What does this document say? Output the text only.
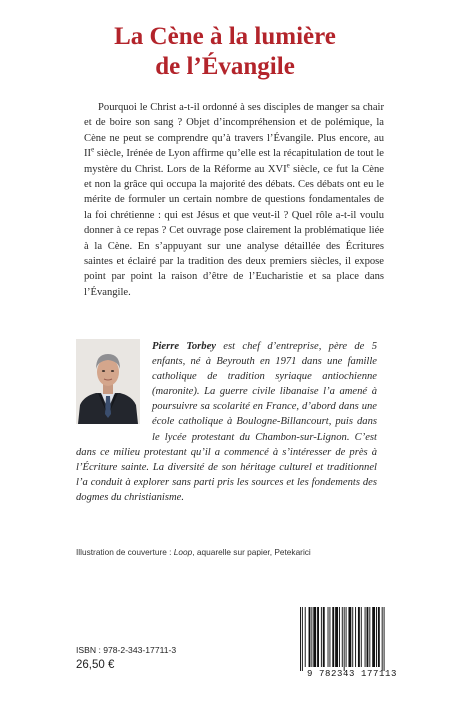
La Cène à la lumière
de l’Évangile

Pourquoi le Christ a-t-il ordonné à ses disciples de manger sa chair et de boire son sang ? Objet d’incompréhension et de polémique, la Cène ne peut se comprendre qu’à travers l’Évangile. Plus encore, au IIe siècle, Irénée de Lyon affirme qu’elle est la récapitulation de tout le mystère du Christ. Lors de la Réforme au XVIe siècle, ce fut la Cène et non la grâce qui occupa la majorité des débats. Ces débats ont eu le mérite de formuler un certain nombre de questions fondamentales de la foi chrétienne : qui est Jésus et que veut-il ? Quel rôle a-t-il voulu donner à ce repas ? Cet ouvrage pose clairement la problématique liée à la Cène. En s’appuyant sur une analyse détaillée des Écritures saintes et éclairé par la tradition des deux premiers siècles, il expose point par point la raison d’être de l’Eucharistie et sa place dans l’Évangile.

Pierre Torbey est chef d’entreprise, père de 5 enfants, né à Beyrouth en 1971 dans une famille catholique de tradition syriaque antiochienne (maronite). La guerre civile libanaise l’a amené à poursuivre sa scolarité en France, d’abord dans une école catholique à Boulogne-Billancourt, puis dans le lycée protestant du Chambon-sur-Lignon. C’est dans ce milieu protestant qu’il a commencé à s’intéresser de près à l’Écriture sainte. La diversité de son héritage culturel et traditionnel l’a conduit à explorer sans parti pris les sources et les fondements des dogmes du christianisme.

Illustration de couverture : Loop, aquarelle sur papier, Petekarici
ISBN : 978-2-343-17711-3
26,50 €
9 782343 177113
